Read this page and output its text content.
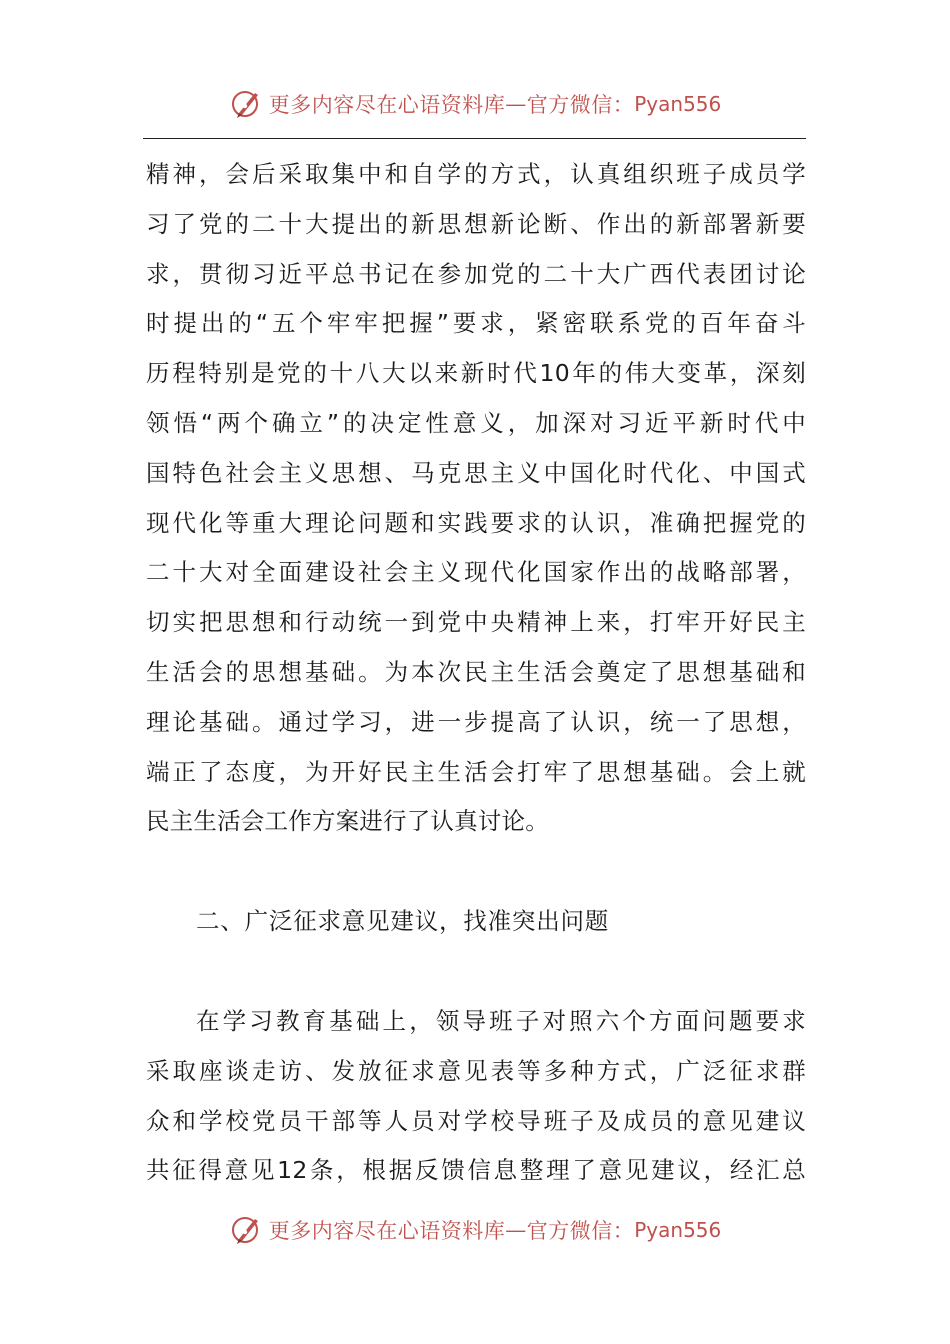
更多内容尽在心语资料库 — 官方微信： Pyan556
精神，会后采取集中和自学的方式，认真组织班子成员学
习了党的二十大提出的新思想新论断、作出的新部署新要
求，贯彻习近平总书记在参加党的二十大广西代表团讨论
时提出的“五个牢牢把握”要求，紧密联系党的百年奋斗
历程特别是党的十八大以来新时代10年的伟大变革，深刻
领悟“两个确立”的决定性意义，加深对习近平新时代中
国特色社会主义思想、马克思主义中国化时代化、中国式
现代化等重大理论问题和实践要求的认识，准确把握党的
二十大对全面建设社会主义现代化国家作出的战略部署，
切实把思想和行动统一到党中央精神上来，打牢开好民主
生活会的思想基础。为本次民主生活会奠定了思想基础和
理论基础。通过学习，进一步提高了认识，统一了思想，
端正了态度，为开好民主生活会打牢了思想基础。会上就
民主生活会工作方案进行了认真讨论。
二、广泛征求意见建议，找准突出问题
在学习教育基础上，领导班子对照六个方面问题要求
采取座谈走访、发放征求意见表等多种方式，广泛征求群
众和学校党员干部等人员对学校导班子及成员的意见建议
共征得意见12条，根据反馈信息整理了意见建议，经汇总
更多内容尽在心语资料库 — 官方微信： Pyan556
